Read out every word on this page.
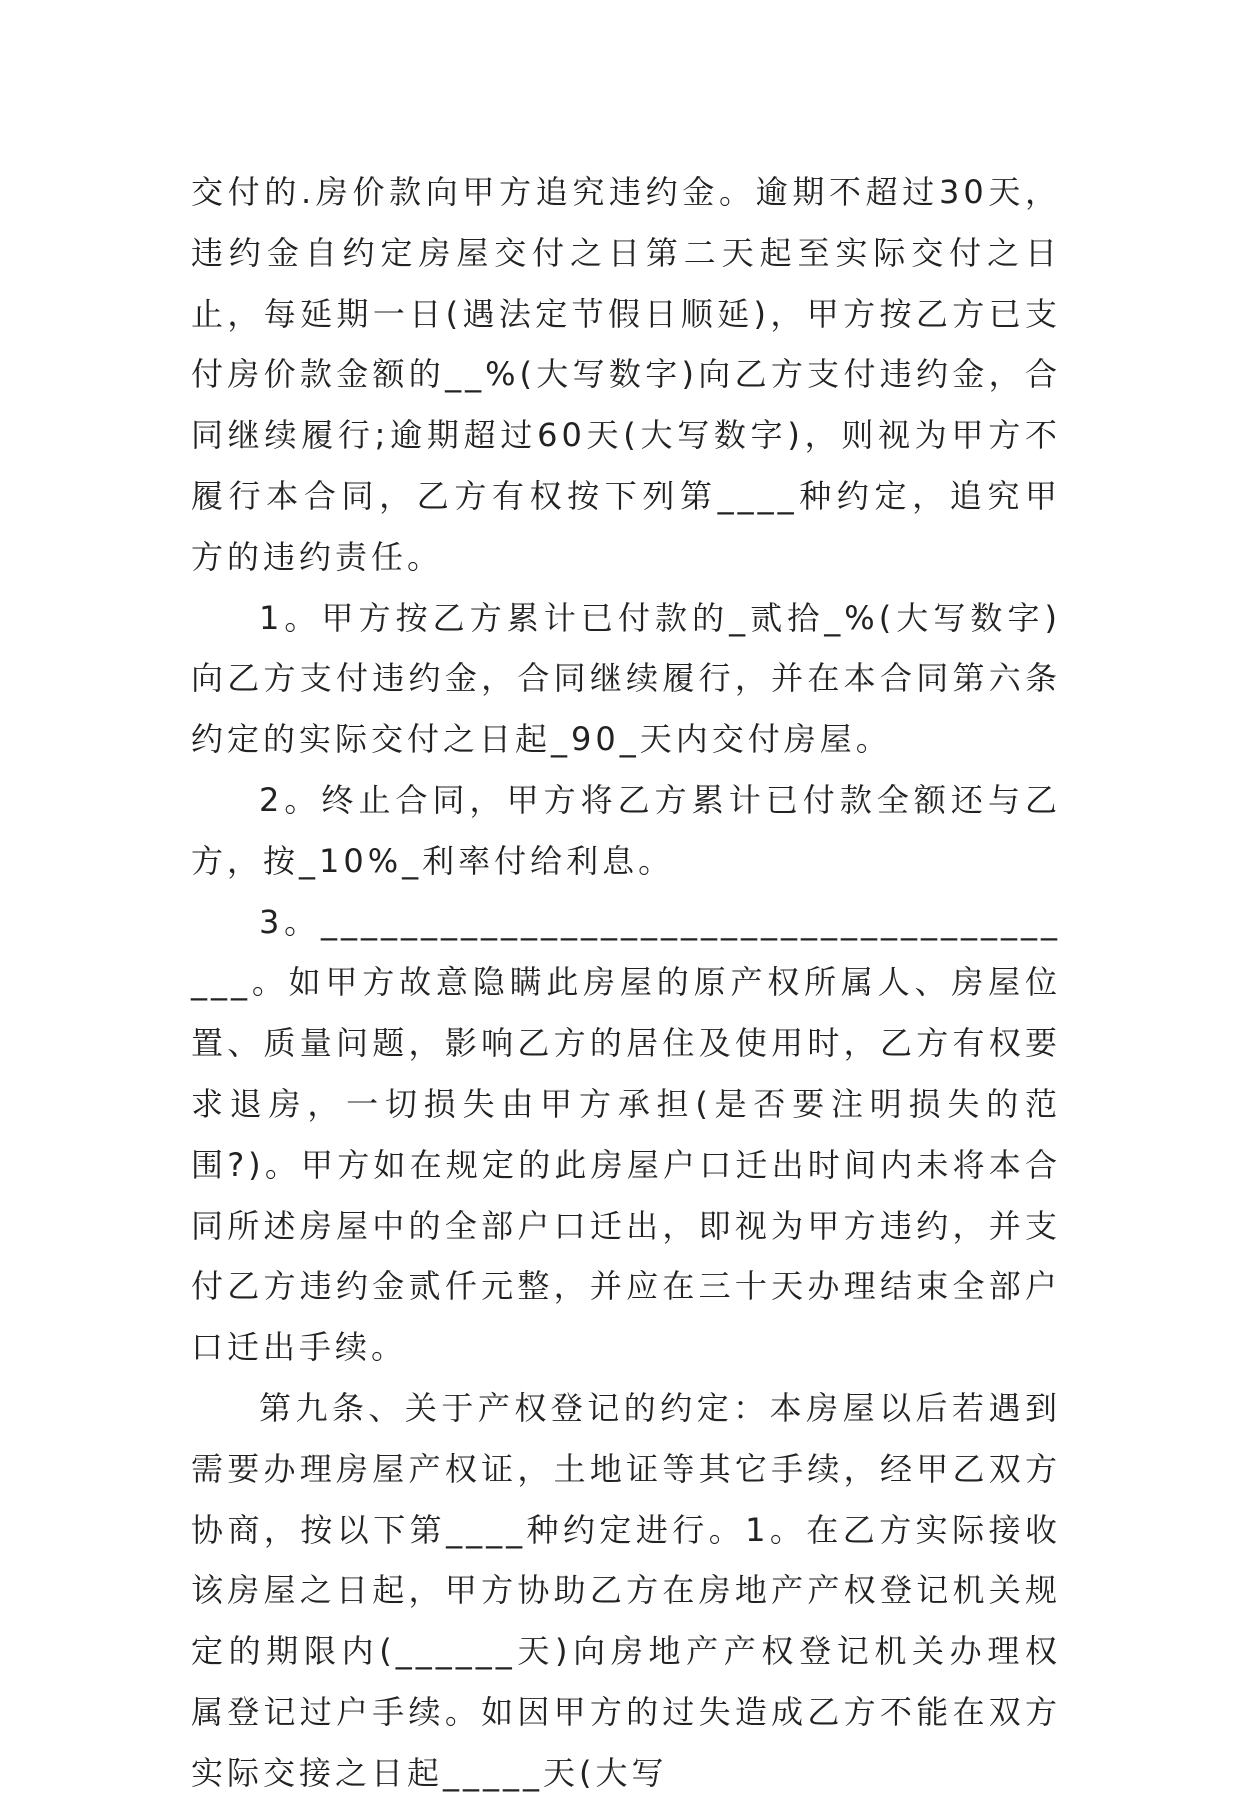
交付的.房价款向甲方追究违约金。逾期不超过30天，违约金自约定房屋交付之日第二天起至实际交付之日止，每延期一日(遇法定节假日顺延)，甲方按乙方已支付房价款金额的__%(大写数字)向乙方支付违约金，合同继续履行;逾期超过60天(大写数字)，则视为甲方不履行本合同，乙方有权按下列第____种约定，追究甲方的违约责任。

1。甲方按乙方累计已付款的_贰拾_%(大写数字)向乙方支付违约金，合同继续履行，并在本合同第六条约定的实际交付之日起_90_天内交付房屋。

2。终止合同，甲方将乙方累计已付款全额还与乙方，按_10%_利率付给利息。

3。________________________________________。如甲方故意隐瞒此房屋的原产权所属人、房屋位置、质量问题，影响乙方的居住及使用时，乙方有权要求退房，一切损失由甲方承担(是否要注明损失的范围?)。甲方如在规定的此房屋户口迁出时间内未将本合同所述房屋中的全部户口迁出，即视为甲方违约，并支付乙方违约金贰仟元整，并应在三十天办理结束全部户口迁出手续。

第九条、关于产权登记的约定：本房屋以后若遇到需要办理房屋产权证，土地证等其它手续，经甲乙双方协商，按以下第____种约定进行。1。在乙方实际接收该房屋之日起，甲方协助乙方在房地产产权登记机关规定的期限内(______天)向房地产产权登记机关办理权属登记过户手续。如因甲方的过失造成乙方不能在双方实际交接之日起_____天(大写
